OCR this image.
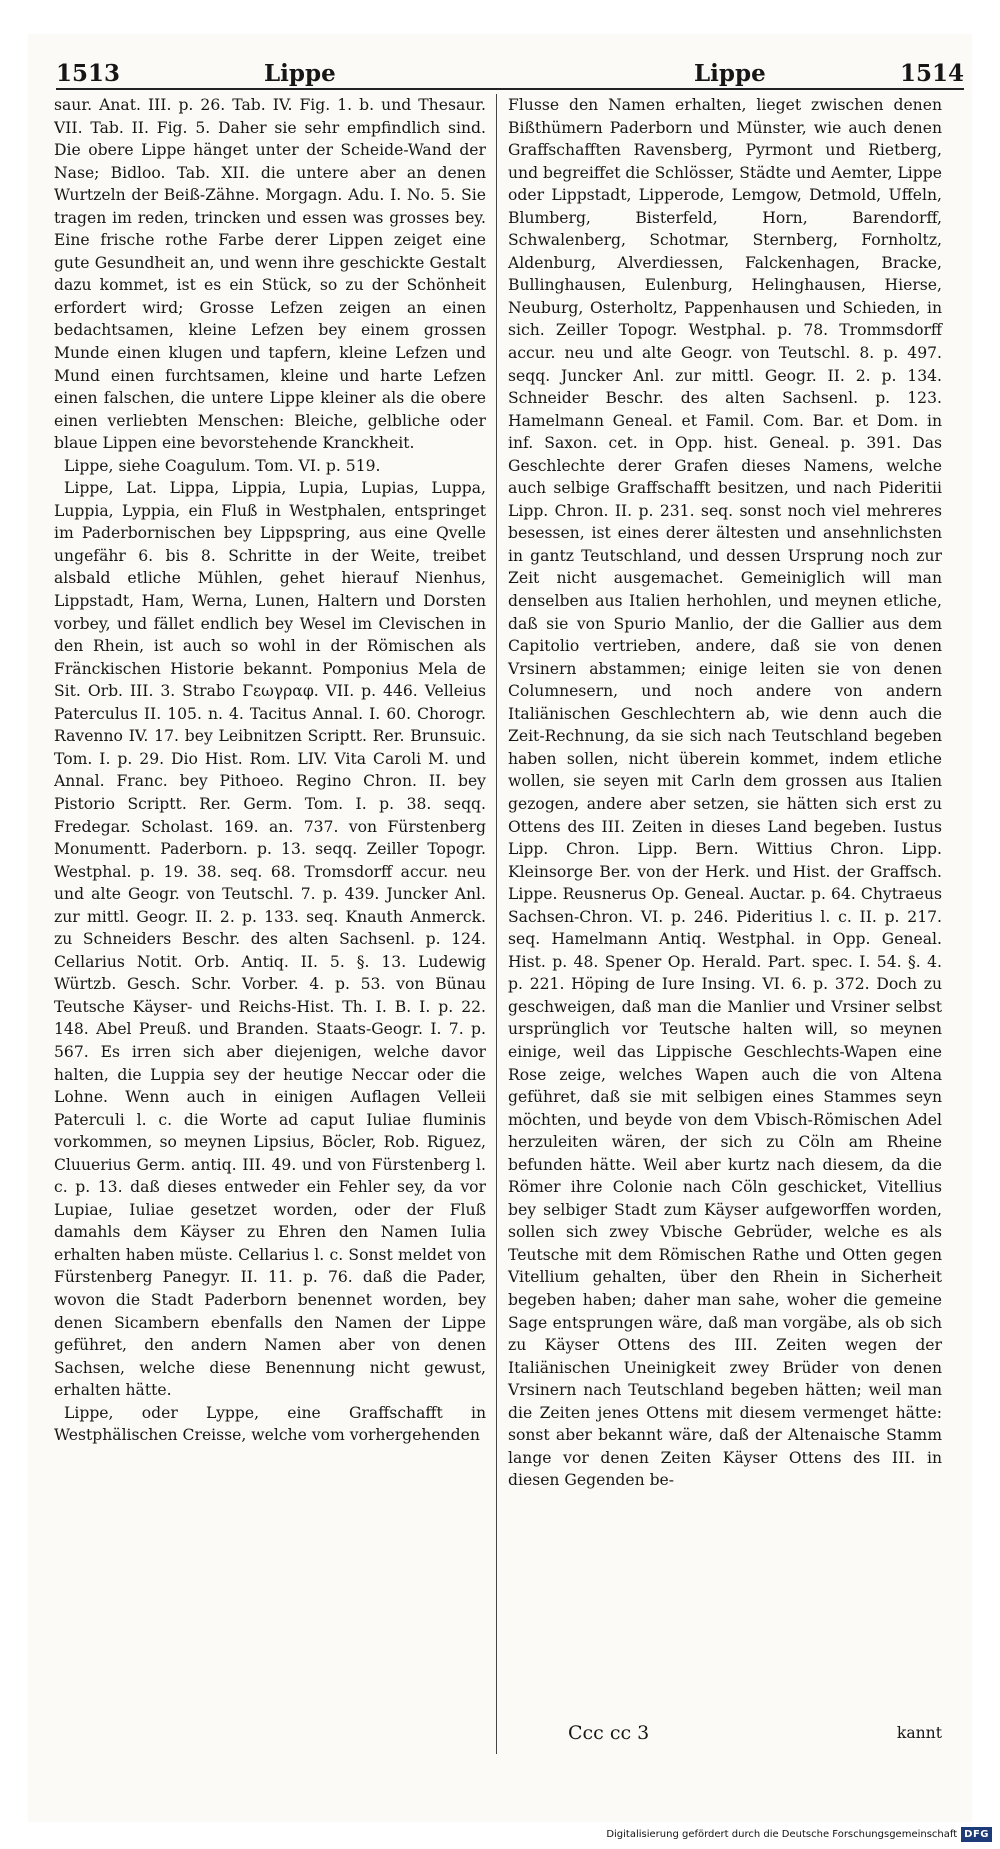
1513	Lippe	Lippe	1514

saur. Anat. III. p. 26. Tab. IV. Fig. 1. b. und Thesaur. VII. Tab. II. Fig. 5. Daher sie sehr empfindlich sind. Die obere Lippe hänget unter der Scheide-Wand der Nase; Bidloo. Tab. XII. die untere aber an denen Wurtzeln der Beiß-Zähne. Morgagn. Adu. I. No. 5. Sie tragen im reden, trincken und essen was grosses bey. Eine frische rothe Farbe derer Lippen zeiget eine gute Gesundheit an, und wenn ihre geschickte Gestalt dazu kommet, ist es ein Stück, so zu der Schönheit erfordert wird; Grosse Lefzen zeigen an einen bedachtsamen, kleine Lefzen bey einem grossen Munde einen klugen und tapfern, kleine Lefzen und Mund einen furchtsamen, kleine und harte Lefzen einen falschen, die untere Lippe kleiner als die obere einen verliebten Menschen: Bleiche, gelbliche oder blaue Lippen eine bevorstehende Kranckheit.

Lippe, siehe Coagulum. Tom. VI. p. 519.

Lippe, Lat. Lippa, Lippia, Lupia, Lupias, Luppa, Luppia, Lyppia, ein Fluß in Westphalen, entspringet im Paderbornischen bey Lippspring, aus eine Qvelle ungefähr 6. bis 8. Schritte in der Weite, treibet alsbald etliche Mühlen, gehet hierauf Nienhus, Lippstadt, Ham, Werna, Lunen, Haltern und Dorsten vorbey, und fället endlich bey Wesel im Clevischen in den Rhein, ist auch so wohl in der Römischen als Fränckischen Historie bekannt. Pomponius Mela de Sit. Orb. III. 3. Strabo Γεωγραφ. VII. p. 446. Velleius Paterculus II. 105. n. 4. Tacitus Annal. I. 60. Chorogr. Ravenno IV. 17. bey Leibnitzen Scriptt. Rer. Brunsuic. Tom. I. p. 29. Dio Hist. Rom. LIV. Vita Caroli M. und Annal. Franc. bey Pithoeo. Regino Chron. II. bey Pistorio Scriptt. Rer. Germ. Tom. I. p. 38. seqq. Fredegar. Scholast. 169. an. 737. von Fürstenberg Monumentt. Paderborn. p. 13. seqq. Zeiller Topogr. Westphal. p. 19. 38. seq. 68. Tromsdorff accur. neu und alte Geogr. von Teutschl. 7. p. 439. Juncker Anl. zur mittl. Geogr. II. 2. p. 133. seq. Knauth Anmerck. zu Schneiders Beschr. des alten Sachsenl. p. 124. Cellarius Notit. Orb. Antiq. II. 5. §. 13. Ludewig Würtzb. Gesch. Schr. Vorber. 4. p. 53. von Bünau Teutsche Käyser- und Reichs-Hist. Th. I. B. I. p. 22. 148. Abel Preuß. und Branden. Staats-Geogr. I. 7. p. 567. Es irren sich aber diejenigen, welche davor halten, die Luppia sey der heutige Neccar oder die Lohne. Wenn auch in einigen Auflagen Velleii Paterculi l. c. die Worte ad caput Iuliae fluminis vorkommen, so meynen Lipsius, Böcler, Rob. Riguez, Cluuerius Germ. antiq. III. 49. und von Fürstenberg l. c. p. 13. daß dieses entweder ein Fehler sey, da vor Lupiae, Iuliae gesetzet worden, oder der Fluß damahls dem Käyser zu Ehren den Namen Iulia erhalten haben müste. Cellarius l. c. Sonst meldet von Fürstenberg Panegyr. II. 11. p. 76. daß die Pader, wovon die Stadt Paderborn benennet worden, bey denen Sicambern ebenfalls den Namen der Lippe geführet, den andern Namen aber von denen Sachsen, welche diese Benennung nicht gewust, erhalten hätte.

Lippe, oder Lyppe, eine Graffschafft in Westphälischen Creisse, welche vom vorhergehenden

Flusse den Namen erhalten, lieget zwischen denen Bißthümern Paderborn und Münster, wie auch denen Graffschafften Ravensberg, Pyrmont und Rietberg, und begreiffet die Schlösser, Städte und Aemter, Lippe oder Lippstadt, Lipperode, Lemgow, Detmold, Uffeln, Blumberg, Bisterfeld, Horn, Barendorff, Schwalenberg, Schotmar, Sternberg, Fornholtz, Aldenburg, Alverdiessen, Falckenhagen, Bracke, Bullinghausen, Eulenburg, Helinghausen, Hierse, Neuburg, Osterholtz, Pappenhausen und Schieden, in sich. Zeiller Topogr. Westphal. p. 78. Trommsdorff accur. neu und alte Geogr. von Teutschl. 8. p. 497. seqq. Juncker Anl. zur mittl. Geogr. II. 2. p. 134. Schneider Beschr. des alten Sachsenl. p. 123. Hamelmann Geneal. et Famil. Com. Bar. et Dom. in inf. Saxon. cet. in Opp. hist. Geneal. p. 391. Das Geschlechte derer Grafen dieses Namens, welche auch selbige Graffschafft besitzen, und nach Pideritii Lipp. Chron. II. p. 231. seq. sonst noch viel mehreres besessen, ist eines derer ältesten und ansehnlichsten in gantz Teutschland, und dessen Ursprung noch zur Zeit nicht ausgemachet. Gemeiniglich will man denselben aus Italien herhohlen, und meynen etliche, daß sie von Spurio Manlio, der die Gallier aus dem Capitolio vertrieben, andere, daß sie von denen Vrsinern abstammen; einige leiten sie von denen Columnesern, und noch andere von andern Italiänischen Geschlechtern ab, wie denn auch die Zeit-Rechnung, da sie sich nach Teutschland begeben haben sollen, nicht überein kommet, indem etliche wollen, sie seyen mit Carln dem grossen aus Italien gezogen, andere aber setzen, sie hätten sich erst zu Ottens des III. Zeiten in dieses Land begeben. Iustus Lipp. Chron. Lipp. Bern. Wittius Chron. Lipp. Kleinsorge Ber. von der Herk. und Hist. der Graffsch. Lippe. Reusnerus Op. Geneal. Auctar. p. 64. Chytraeus Sachsen-Chron. VI. p. 246. Pideritius l. c. II. p. 217. seq. Hamelmann Antiq. Westphal. in Opp. Geneal. Hist. p. 48. Spener Op. Herald. Part. spec. I. 54. §. 4. p. 221. Höping de Iure Insing. VI. 6. p. 372. Doch zu geschweigen, daß man die Manlier und Vrsiner selbst ursprünglich vor Teutsche halten will, so meynen einige, weil das Lippische Geschlechts-Wapen eine Rose zeige, welches Wapen auch die von Altena geführet, daß sie mit selbigen eines Stammes seyn möchten, und beyde von dem Vbisch-Römischen Adel herzuleiten wären, der sich zu Cöln am Rheine befunden hätte. Weil aber kurtz nach diesem, da die Römer ihre Colonie nach Cöln geschicket, Vitellius bey selbiger Stadt zum Käyser aufgeworffen worden, sollen sich zwey Vbische Gebrüder, welche es als Teutsche mit dem Römischen Rathe und Otten gegen Vitellium gehalten, über den Rhein in Sicherheit begeben haben; daher man sahe, woher die gemeine Sage entsprungen wäre, daß man vorgäbe, als ob sich zu Käyser Ottens des III. Zeiten wegen der Italiänischen Uneinigkeit zwey Brüder von denen Vrsinern nach Teutschland begeben hätten; weil man die Zeiten jenes Ottens mit diesem vermenget hätte: sonst aber bekannt wäre, daß der Altenaische Stamm lange vor denen Zeiten Käyser Ottens des III. in diesen Gegenden be-

Ccc cc 3	kannt
Digitalisierung gefördert durch die Deutsche Forschungsgemeinschaft DFG
